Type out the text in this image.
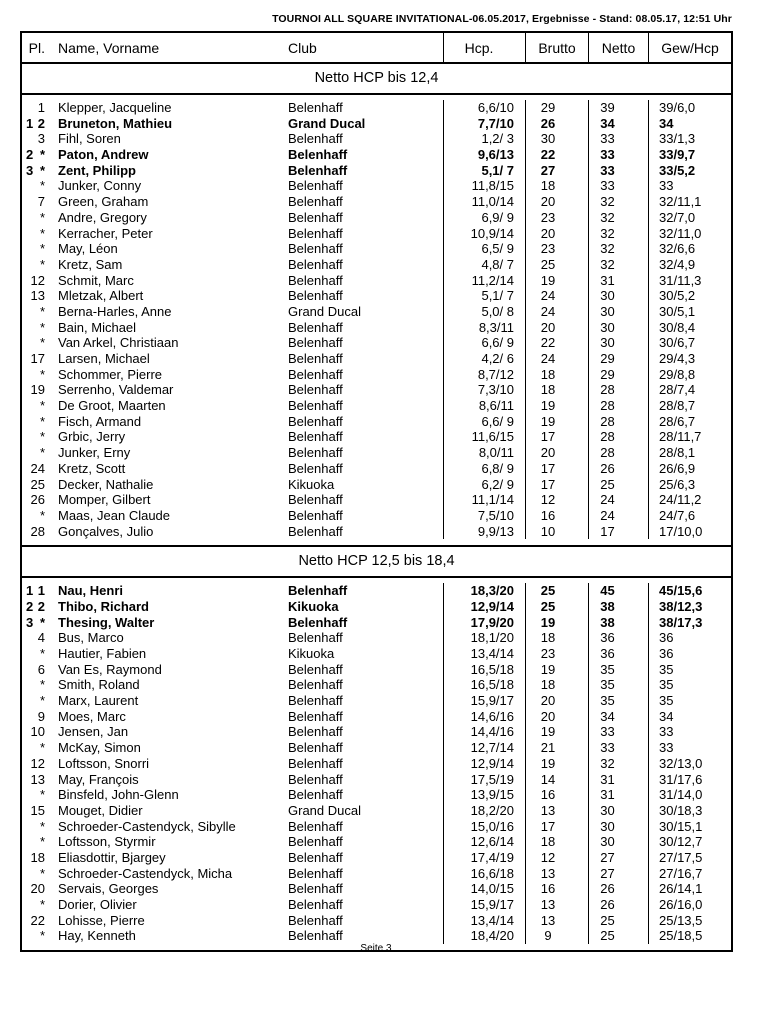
TOURNOI ALL SQUARE INVITATIONAL-06.05.2017, Ergebnisse - Stand: 08.05.17, 12:51 Uhr
Pl. Name, Vorname	Club	Hcp.	Brutto	Netto	Gew/Hcp
Netto HCP bis 12,4
1	Klepper, Jacqueline	Belenhaff	6,6/10	29	39	39/6,0
1 2	Bruneton, Mathieu	Grand Ducal	7,7/10	26	34	34
3	Fihl, Soren	Belenhaff	1,2/ 3	30	33	33/1,3
2 *	Paton, Andrew	Belenhaff	9,6/13	22	33	33/9,7
3 *	Zent, Philipp	Belenhaff	5,1/ 7	27	33	33/5,2
*	Junker, Conny	Belenhaff	11,8/15	18	33	33
7	Green, Graham	Belenhaff	11,0/14	20	32	32/11,1
*	Andre, Gregory	Belenhaff	6,9/ 9	23	32	32/7,0
*	Kerracher, Peter	Belenhaff	10,9/14	20	32	32/11,0
*	May, Léon	Belenhaff	6,5/ 9	23	32	32/6,6
*	Kretz, Sam	Belenhaff	4,8/ 7	25	32	32/4,9
12	Schmit, Marc	Belenhaff	11,2/14	19	31	31/11,3
13	Mletzak, Albert	Belenhaff	5,1/ 7	24	30	30/5,2
*	Berna-Harles, Anne	Grand Ducal	5,0/ 8	24	30	30/5,1
*	Bain, Michael	Belenhaff	8,3/11	20	30	30/8,4
*	Van Arkel, Christiaan	Belenhaff	6,6/ 9	22	30	30/6,7
17	Larsen, Michael	Belenhaff	4,2/ 6	24	29	29/4,3
*	Schommer, Pierre	Belenhaff	8,7/12	18	29	29/8,8
19	Serrenho, Valdemar	Belenhaff	7,3/10	18	28	28/7,4
*	De Groot, Maarten	Belenhaff	8,6/11	19	28	28/8,7
*	Fisch, Armand	Belenhaff	6,6/ 9	19	28	28/6,7
*	Grbic, Jerry	Belenhaff	11,6/15	17	28	28/11,7
*	Junker, Erny	Belenhaff	8,0/11	20	28	28/8,1
24	Kretz, Scott	Belenhaff	6,8/ 9	17	26	26/6,9
25	Decker, Nathalie	Kikuoka	6,2/ 9	17	25	25/6,3
26	Momper, Gilbert	Belenhaff	11,1/14	12	24	24/11,2
*	Maas, Jean Claude	Belenhaff	7,5/10	16	24	24/7,6
28	Gonçalves, Julio	Belenhaff	9,9/13	10	17	17/10,0
Netto HCP 12,5 bis 18,4
1 1	Nau, Henri	Belenhaff	18,3/20	25	45	45/15,6
2 2	Thibo, Richard	Kikuoka	12,9/14	25	38	38/12,3
3 *	Thesing, Walter	Belenhaff	17,9/20	19	38	38/17,3
4	Bus, Marco	Belenhaff	18,1/20	18	36	36
*	Hautier, Fabien	Kikuoka	13,4/14	23	36	36
6	Van Es, Raymond	Belenhaff	16,5/18	19	35	35
*	Smith, Roland	Belenhaff	16,5/18	18	35	35
*	Marx, Laurent	Belenhaff	15,9/17	20	35	35
9	Moes, Marc	Belenhaff	14,6/16	20	34	34
10	Jensen, Jan	Belenhaff	14,4/16	19	33	33
*	McKay, Simon	Belenhaff	12,7/14	21	33	33
12	Loftsson, Snorri	Belenhaff	12,9/14	19	32	32/13,0
13	May, François	Belenhaff	17,5/19	14	31	31/17,6
*	Binsfeld, John-Glenn	Belenhaff	13,9/15	16	31	31/14,0
15	Mouget, Didier	Grand Ducal	18,2/20	13	30	30/18,3
*	Schroeder-Castendyck, Sibylle	Belenhaff	15,0/16	17	30	30/15,1
*	Loftsson, Styrmir	Belenhaff	12,6/14	18	30	30/12,7
18	Eliasdottir, Bjargey	Belenhaff	17,4/19	12	27	27/17,5
*	Schroeder-Castendyck, Micha	Belenhaff	16,6/18	13	27	27/16,7
20	Servais, Georges	Belenhaff	14,0/15	16	26	26/14,1
*	Dorier, Olivier	Belenhaff	15,9/17	13	26	26/16,0
22	Lohisse, Pierre	Belenhaff	13,4/14	13	25	25/13,5
*	Hay, Kenneth	Belenhaff	18,4/20	9	25	25/18,5
Seite 3
